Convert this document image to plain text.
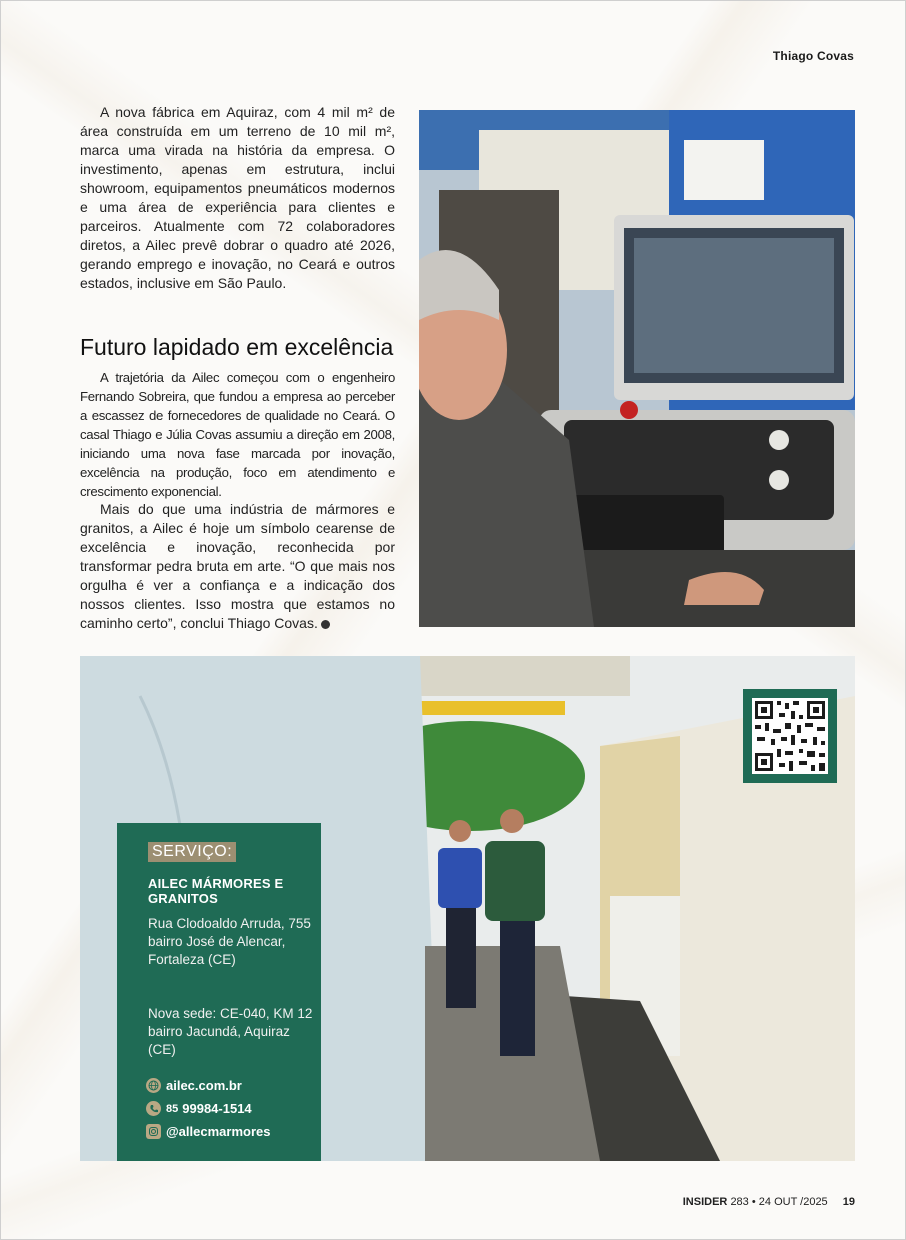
Thiago Covas

A nova fábrica em Aquiraz, com 4 mil m² de área construída em um terreno de 10 mil m², marca uma virada na história da empresa. O investimento, apenas em estrutura, inclui showroom, equipamentos pneumáticos modernos e uma área de experiência para clientes e parceiros. Atualmente com 72 colaboradores diretos, a Ailec prevê dobrar o quadro até 2026, gerando emprego e inovação, no Ceará e outros estados, inclusive em São Paulo.

Futuro lapidado em excelência

A trajetória da Ailec começou com o engenheiro Fernando Sobreira, que fundou a empresa ao perceber a escassez de fornecedores de qualidade no Ceará. O casal Thiago e Júlia Covas assumiu a direção em 2008, iniciando uma nova fase marcada por inovação, excelência na produção, foco em atendimento e crescimento exponencial.

Mais do que uma indústria de mármores e granitos, a Ailec é hoje um símbolo cearense de excelência e inovação, reconhecida por transformar pedra bruta em arte. “O que mais nos orgulha é ver a confiança e a indicação dos nossos clientes. Isso mostra que estamos no caminho certo”, conclui Thiago Covas.

SERVIÇO:
AILEC MÁRMORES E GRANITOS
Rua Clodoaldo Arruda, 755 bairro José de Alencar, Fortaleza (CE)
Nova sede: CE-040, KM 12 bairro Jacundá, Aquiraz (CE)
ailec.com.br
85 99984-1514
@allecmarmores
INSIDER 283 • 24 OUT /2025 19
